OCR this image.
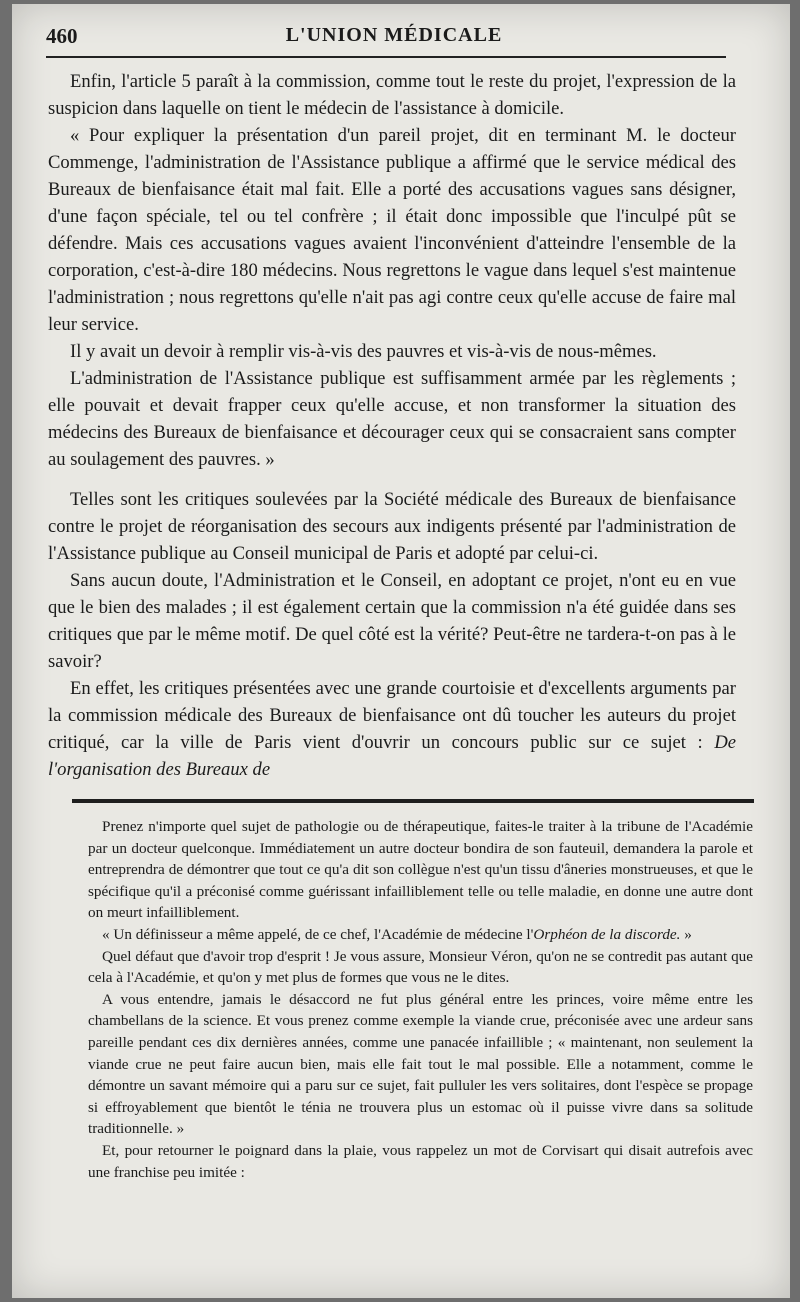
460	L'UNION MÉDICALE

Enfin, l'article 5 paraît à la commission, comme tout le reste du projet, l'expression de la suspicion dans laquelle on tient le médecin de l'assistance à domicile.

« Pour expliquer la présentation d'un pareil projet, dit en terminant M. le docteur Commenge, l'administration de l'Assistance publique a affirmé que le service médical des Bureaux de bienfaisance était mal fait. Elle a porté des accusations vagues sans désigner, d'une façon spéciale, tel ou tel confrère ; il était donc impossible que l'inculpé pût se défendre. Mais ces accusations vagues avaient l'inconvénient d'atteindre l'ensemble de la corporation, c'est-à-dire 180 médecins. Nous regrettons le vague dans lequel s'est maintenue l'administration ; nous regrettons qu'elle n'ait pas agi contre ceux qu'elle accuse de faire mal leur service.

Il y avait un devoir à remplir vis-à-vis des pauvres et vis-à-vis de nous-mêmes.

L'administration de l'Assistance publique est suffisamment armée par les règlements ; elle pouvait et devait frapper ceux qu'elle accuse, et non transformer la situation des médecins des Bureaux de bienfaisance et décourager ceux qui se consacraient sans compter au soulagement des pauvres. »

Telles sont les critiques soulevées par la Société médicale des Bureaux de bienfaisance contre le projet de réorganisation des secours aux indigents présenté par l'administration de l'Assistance publique au Conseil municipal de Paris et adopté par celui-ci.

Sans aucun doute, l'Administration et le Conseil, en adoptant ce projet, n'ont eu en vue que le bien des malades ; il est également certain que la commission n'a été guidée dans ses critiques que par le même motif. De quel côté est la vérité? Peut-être ne tardera-t-on pas à le savoir?

En effet, les critiques présentées avec une grande courtoisie et d'excellents arguments par la commission médicale des Bureaux de bienfaisance ont dû toucher les auteurs du projet critiqué, car la ville de Paris vient d'ouvrir un concours public sur ce sujet : De l'organisation des Bureaux de

Prenez n'importe quel sujet de pathologie ou de thérapeutique, faites-le traiter à la tribune de l'Académie par un docteur quelconque. Immédiatement un autre docteur bondira de son fauteuil, demandera la parole et entreprendra de démontrer que tout ce qu'a dit son collègue n'est qu'un tissu d'âneries monstrueuses, et que le spécifique qu'il a préconisé comme guérissant infailliblement telle ou telle maladie, en donne une autre dont on meurt infailliblement.

« Un définisseur a même appelé, de ce chef, l'Académie de médecine l'Orphéon de la discorde. »

Quel défaut que d'avoir trop d'esprit ! Je vous assure, Monsieur Véron, qu'on ne se contredit pas autant que cela à l'Académie, et qu'on y met plus de formes que vous ne le dites.

A vous entendre, jamais le désaccord ne fut plus général entre les princes, voire même entre les chambellans de la science. Et vous prenez comme exemple la viande crue, préconisée avec une ardeur sans pareille pendant ces dix dernières années, comme une panacée infaillible ; « maintenant, non seulement la viande crue ne peut faire aucun bien, mais elle fait tout le mal possible. Elle a notamment, comme le démontre un savant mémoire qui a paru sur ce sujet, fait pulluler les vers solitaires, dont l'espèce se propage si effroyablement que bientôt le ténia ne trouvera plus un estomac où il puisse vivre dans sa solitude traditionnelle. »

Et, pour retourner le poignard dans la plaie, vous rappelez un mot de Corvisart qui disait autrefois avec une franchise peu imitée :
